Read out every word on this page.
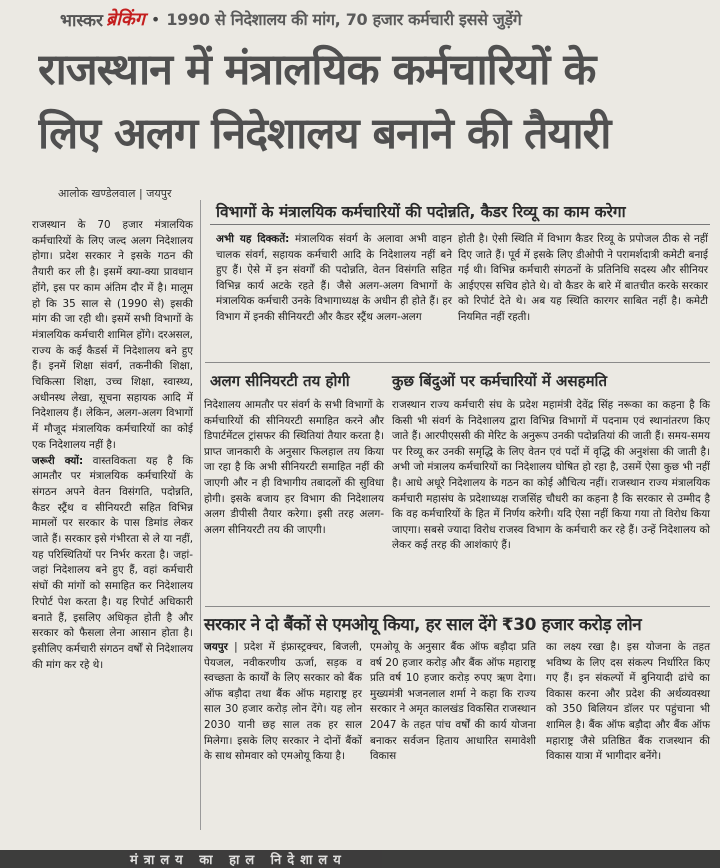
भास्कर ब्रेकिंग • 1990 से निदेशालय की मांग, 70 हजार कर्मचारी इससे जुड़ेंगे
राजस्थान में मंत्रालयिक कर्मचारियों के
लिए अलग निदेशालय बनाने की तैयारी
आलोक खण्डेलवाल | जयपुर

राजस्थान के 70 हजार मंत्रालयिक कर्मचारियों के लिए जल्द अलग निदेशालय होगा। प्रदेश सरकार ने इसके गठन की तैयारी कर ली है। इसमें क्या-क्या प्रावधान होंगे, इस पर काम अंतिम दौर में है। मालूम हो कि 35 साल से (1990 से) इसकी मांग की जा रही थी। इसमें सभी विभागों के मंत्रालयिक कर्मचारी शामिल होंगे। दरअसल, राज्य के कई कैडर्स में निदेशालय बने हुए हैं। इनमें शिक्षा संवर्ग, तकनीकी शिक्षा, चिकित्सा शिक्षा, उच्च शिक्षा, स्वास्थ्य, अधीनस्थ लेखा, सूचना सहायक आदि में निदेशालय हैं। लेकिन, अलग-अलग विभागों में मौजूद मंत्रालयिक कर्मचारियों का कोई एक निदेशालय नहीं है।

जरूरी क्यों: वास्तविकता यह है कि आमतौर पर मंत्रालयिक कर्मचारियों के संगठन अपने वेतन विसंगति, पदोन्नति, कैडर स्ट्रैंथ व सीनियरटी सहित विभिन्न मामलों पर सरकार के पास डिमांड लेकर जाते हैं। सरकार इसे गंभीरता से ले या नहीं, यह परिस्थितियों पर निर्भर करता है। जहां-जहां निदेशालय बने हुए हैं, वहां कर्मचारी संघों की मांगों को समाहित कर निदेशालय रिपोर्ट पेश करता है। यह रिपोर्ट अधिकारी बनाते हैं, इसलिए अधिकृत होती है और सरकार को फैसला लेना आसान होता है। इसीलिए कर्मचारी संगठन वर्षों से निदेशालय की मांग कर रहे थे।

विभागों के मंत्रालयिक कर्मचारियों की पदोन्नति, कैडर रिव्यू का काम करेगा

अभी यह दिक्कतें: मंत्रालयिक संवर्ग के अलावा अभी वाहन चालक संवर्ग, सहायक कर्मचारी आदि के निदेशालय नहीं बने हुए हैं। ऐसे में इन संवर्गों की पदोन्नति, वेतन विसंगति सहित विभिन्न कार्य अटके रहते हैं। जैसे अलग-अलग विभागों के मंत्रालयिक कर्मचारी उनके विभागाध्यक्ष के अधीन ही होते हैं। हर विभाग में इनकी सीनियरटी और कैडर स्ट्रैंथ अलग-अलग

होती है। ऐसी स्थिति में विभाग कैडर रिव्यू के प्रपोजल ठीक से नहीं दिए जाते हैं। पूर्व में इसके लिए डीओपी ने परामर्शदात्री कमेटी बनाई गई थी। विभिन्न कर्मचारी संगठनों के प्रतिनिधि सदस्य और सीनियर आईएएस सचिव होते थे। वो कैडर के बारे में बातचीत करके सरकार को रिपोर्ट देते थे। अब यह स्थिति कारगर साबित नहीं है। कमेटी नियमित नहीं रहती।

अलग सीनियरटी तय होगी

निदेशालय आमतौर पर संवर्ग के सभी विभागों के कर्मचारियों की सीनियरटी समाहित करने और डिपार्टमेंटल ट्रांसफर की स्थितियां तैयार करता है। प्राप्त जानकारी के अनुसार फिलहाल तय किया जा रहा है कि अभी सीनियरटी समाहित नहीं की जाएगी और न ही विभागीय तबादलों की सुविधा होगी। इसके बजाय हर विभाग की निदेशालय अलग डीपीसी तैयार करेगा। इसी तरह अलग-अलग सीनियरटी तय की जाएगी।

कुछ बिंदुओं पर कर्मचारियों में असहमति

राजस्थान राज्य कर्मचारी संघ के प्रदेश महामंत्री देवेंद्र सिंह नरूका का कहना है कि किसी भी संवर्ग के निदेशालय द्वारा विभिन्न विभागों में पदनाम एवं स्थानांतरण किए जाते हैं। आरपीएससी की मेरिट के अनुरूप उनकी पदोन्नतियां की जाती हैं। समय-समय पर रिव्यू कर उनकी समृद्धि के लिए वेतन एवं पदों में वृद्धि की अनुशंसा की जाती है। अभी जो मंत्रालय कर्मचारियों का निदेशालय घोषित हो रहा है, उसमें ऐसा कुछ भी नहीं है। आधे अधूरे निदेशालय के गठन का कोई औचित्य नहीं। राजस्थान राज्य मंत्रालयिक कर्मचारी महासंघ के प्रदेशाध्यक्ष राजसिंह चौधरी का कहना है कि सरकार से उम्मीद है कि वह कर्मचारियों के हित में निर्णय करेगी। यदि ऐसा नहीं किया गया तो विरोध किया जाएगा। सबसे ज्यादा विरोध राजस्व विभाग के कर्मचारी कर रहे हैं। उन्हें निदेशालय को लेकर कई तरह की आशंकाएं हैं।

सरकार ने दो बैंकों से एमओयू किया, हर साल देंगे ₹30 हजार करोड़ लोन

जयपुर | प्रदेश में इंफ्रास्ट्रक्चर, बिजली, पेयजल, नवीकरणीय ऊर्जा, सड़क व स्वच्छता के कार्यों के लिए सरकार को बैंक ऑफ बड़ौदा तथा बैंक ऑफ महाराष्ट्र हर साल 30 हजार करोड़ लोन देंगे। यह लोन 2030 यानी छह साल तक हर साल मिलेगा। इसके लिए सरकार ने दोनों बैंकों के साथ सोमवार को एमओयू किया है।

एमओयू के अनुसार बैंक ऑफ बड़ौदा प्रति वर्ष 20 हजार करोड़ और बैंक ऑफ महाराष्ट्र प्रति वर्ष 10 हजार करोड़ रुपए ऋण देगा। मुख्यमंत्री भजनलाल शर्मा ने कहा कि राज्य सरकार ने अमृत कालखंड विकसित राजस्थान 2047 के तहत पांच वर्षों की कार्य योजना बनाकर सर्वजन हिताय आधारित समावेशी विकास

का लक्ष्य रखा है। इस योजना के तहत भविष्य के लिए दस संकल्प निर्धारित किए गए हैं। इन संकल्पों में बुनियादी ढांचे का विकास करना और प्रदेश की अर्थव्यवस्था को 350 बिलियन डॉलर पर पहुंचाना भी शामिल है। बैंक ऑफ बड़ौदा और बैंक ऑफ महाराष्ट्र जैसे प्रतिष्ठित बैंक राजस्थान की विकास यात्रा में भागीदार बनेंगे।

मंत्रालय का हाल निदेशालय
